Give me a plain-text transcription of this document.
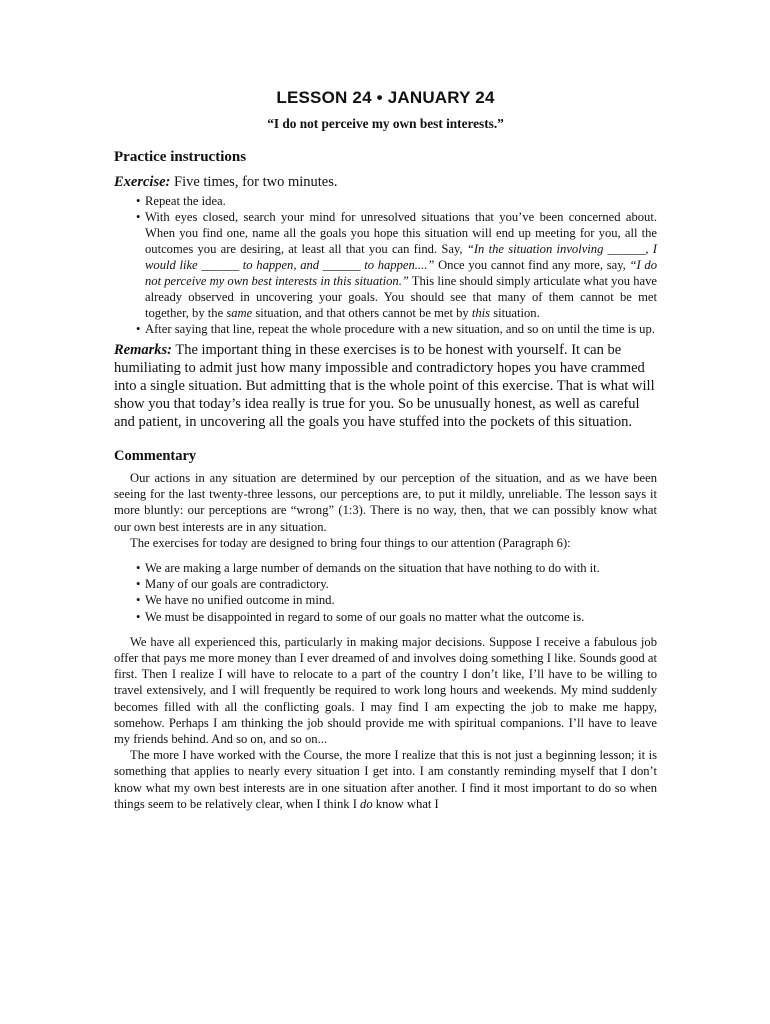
LESSON 24 • JANUARY 24

“I do not perceive my own best interests.”

Practice instructions

Exercise: Five times, for two minutes.

• Repeat the idea.
• With eyes closed, search your mind for unresolved situations that you’ve been concerned about. When you find one, name all the goals you hope this situation will end up meeting for you, all the outcomes you are desiring, at least all that you can find. Say, “In the situation involving ______, I would like ______ to happen, and ______ to happen....” Once you cannot find any more, say, “I do not perceive my own best interests in this situation.” This line should simply articulate what you have already observed in uncovering your goals. You should see that many of them cannot be met together, by the same situation, and that others cannot be met by this situation.
• After saying that line, repeat the whole procedure with a new situation, and so on until the time is up.

Remarks: The important thing in these exercises is to be honest with yourself. It can be humiliating to admit just how many impossible and contradictory hopes you have crammed into a single situation. But admitting that is the whole point of this exercise. That is what will show you that today’s idea really is true for you. So be unusually honest, as well as careful and patient, in uncovering all the goals you have stuffed into the pockets of this situation.

Commentary

Our actions in any situation are determined by our perception of the situation, and as we have been seeing for the last twenty-three lessons, our perceptions are, to put it mildly, unreliable. The lesson says it more bluntly: our perceptions are “wrong” (1:3). There is no way, then, that we can possibly know what our own best interests are in any situation.

The exercises for today are designed to bring four things to our attention (Paragraph 6):

• We are making a large number of demands on the situation that have nothing to do with it.
• Many of our goals are contradictory.
• We have no unified outcome in mind.
• We must be disappointed in regard to some of our goals no matter what the outcome is.

We have all experienced this, particularly in making major decisions. Suppose I receive a fabulous job offer that pays me more money than I ever dreamed of and involves doing something I like. Sounds good at first. Then I realize I will have to relocate to a part of the country I don’t like, I’ll have to be willing to travel extensively, and I will frequently be required to work long hours and weekends. My mind suddenly becomes filled with all the conflicting goals. I may find I am expecting the job to make me happy, somehow. Perhaps I am thinking the job should provide me with spiritual companions. I’ll have to leave my friends behind. And so on, and so on...

The more I have worked with the Course, the more I realize that this is not just a beginning lesson; it is something that applies to nearly every situation I get into. I am constantly reminding myself that I don’t know what my own best interests are in one situation after another. I find it most important to do so when things seem to be relatively clear, when I think I do know what I
